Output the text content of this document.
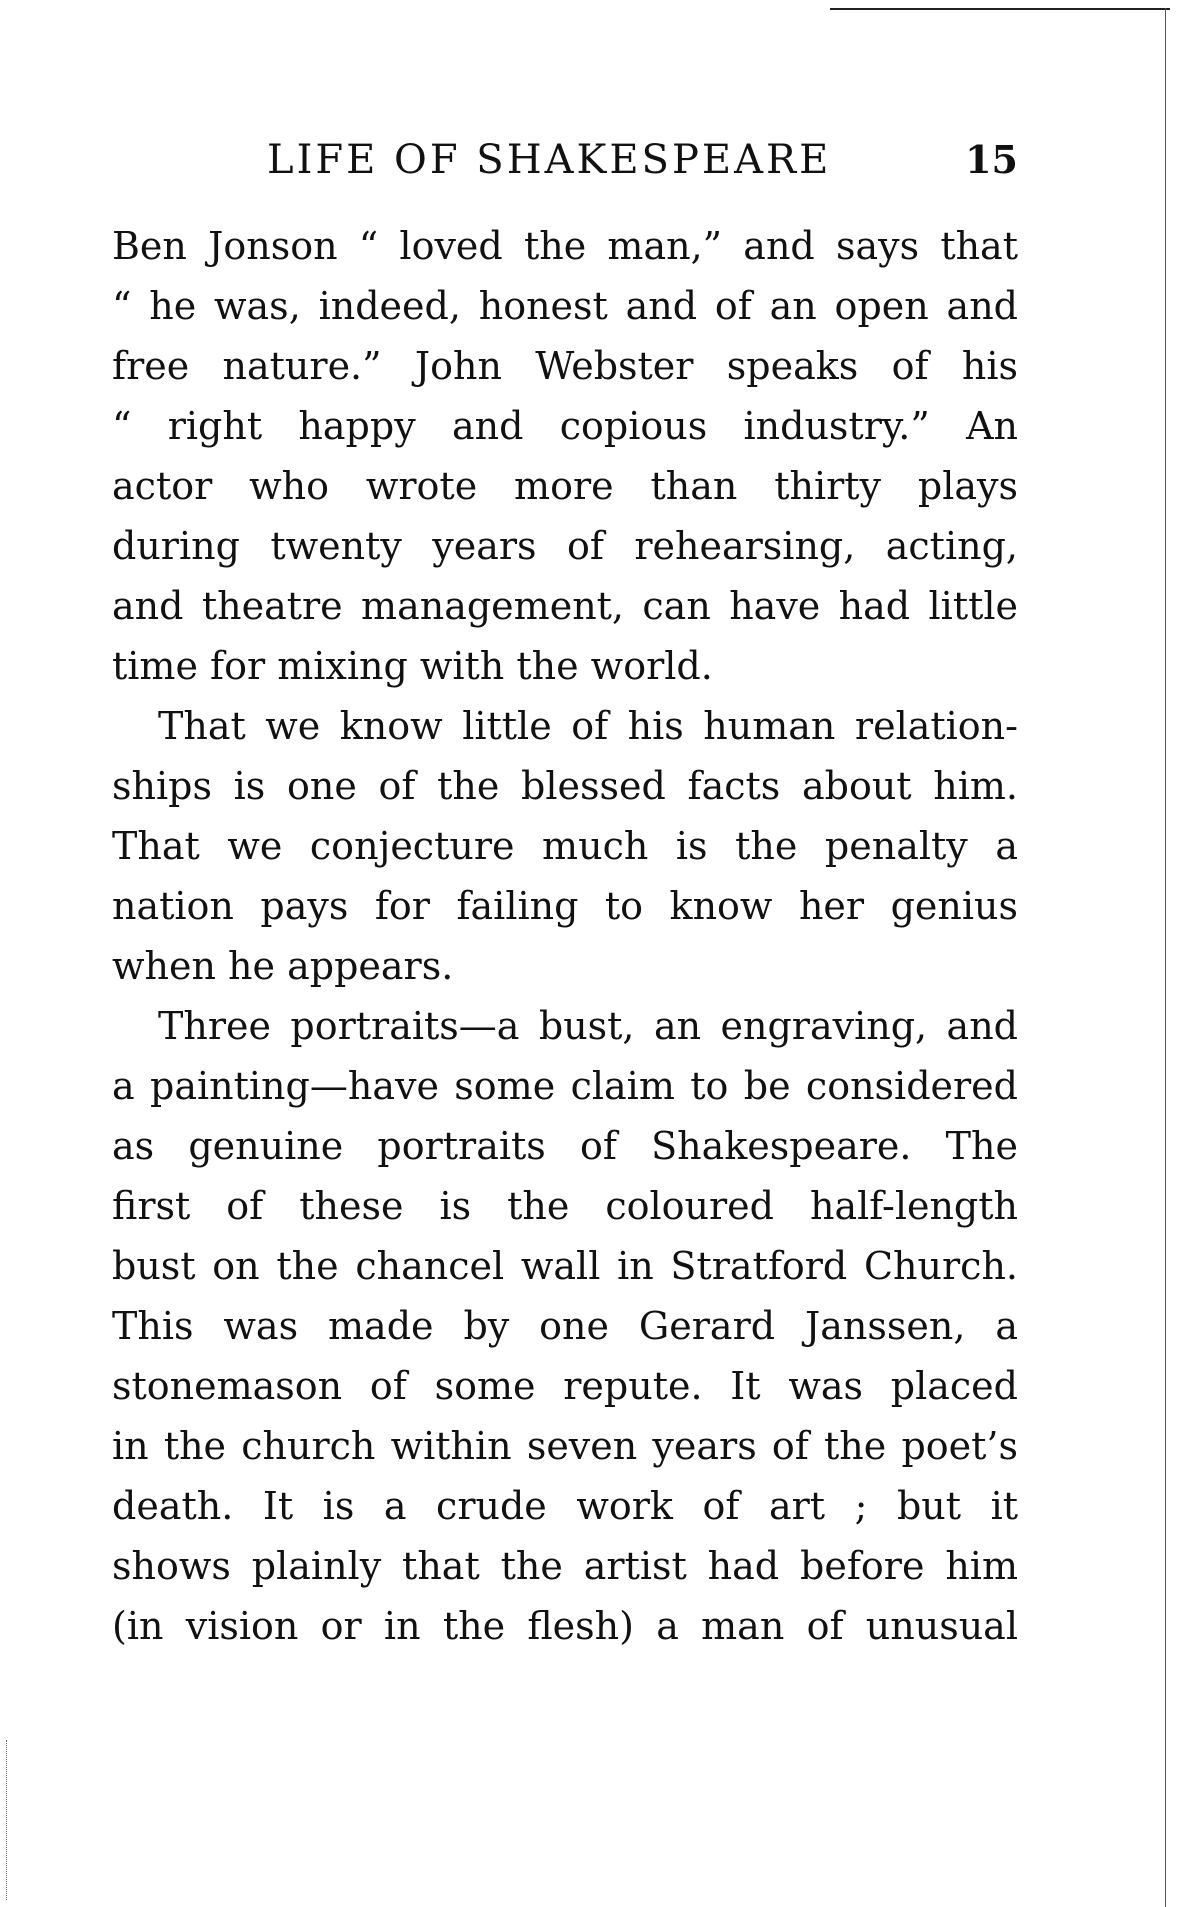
LIFE OF SHAKESPEARE	15
Ben Jonson “ loved the man,” and says that
“ he was, indeed, honest and of an open and
free nature.” John Webster speaks of his
“ right happy and copious industry.” An
actor who wrote more than thirty plays
during twenty years of rehearsing, acting,
and theatre management, can have had little
time for mixing with the world.
That we know little of his human relation-
ships is one of the blessed facts about him.
That we conjecture much is the penalty a
nation pays for failing to know her genius
when he appears.
Three portraits—a bust, an engraving, and
a painting—have some claim to be considered
as genuine portraits of Shakespeare. The
first of these is the coloured half-length
bust on the chancel wall in Stratford Church.
This was made by one Gerard Janssen, a
stonemason of some repute. It was placed
in the church within seven years of the poet’s
death. It is a crude work of art ; but it
shows plainly that the artist had before him
(in vision or in the flesh) a man of unusual
